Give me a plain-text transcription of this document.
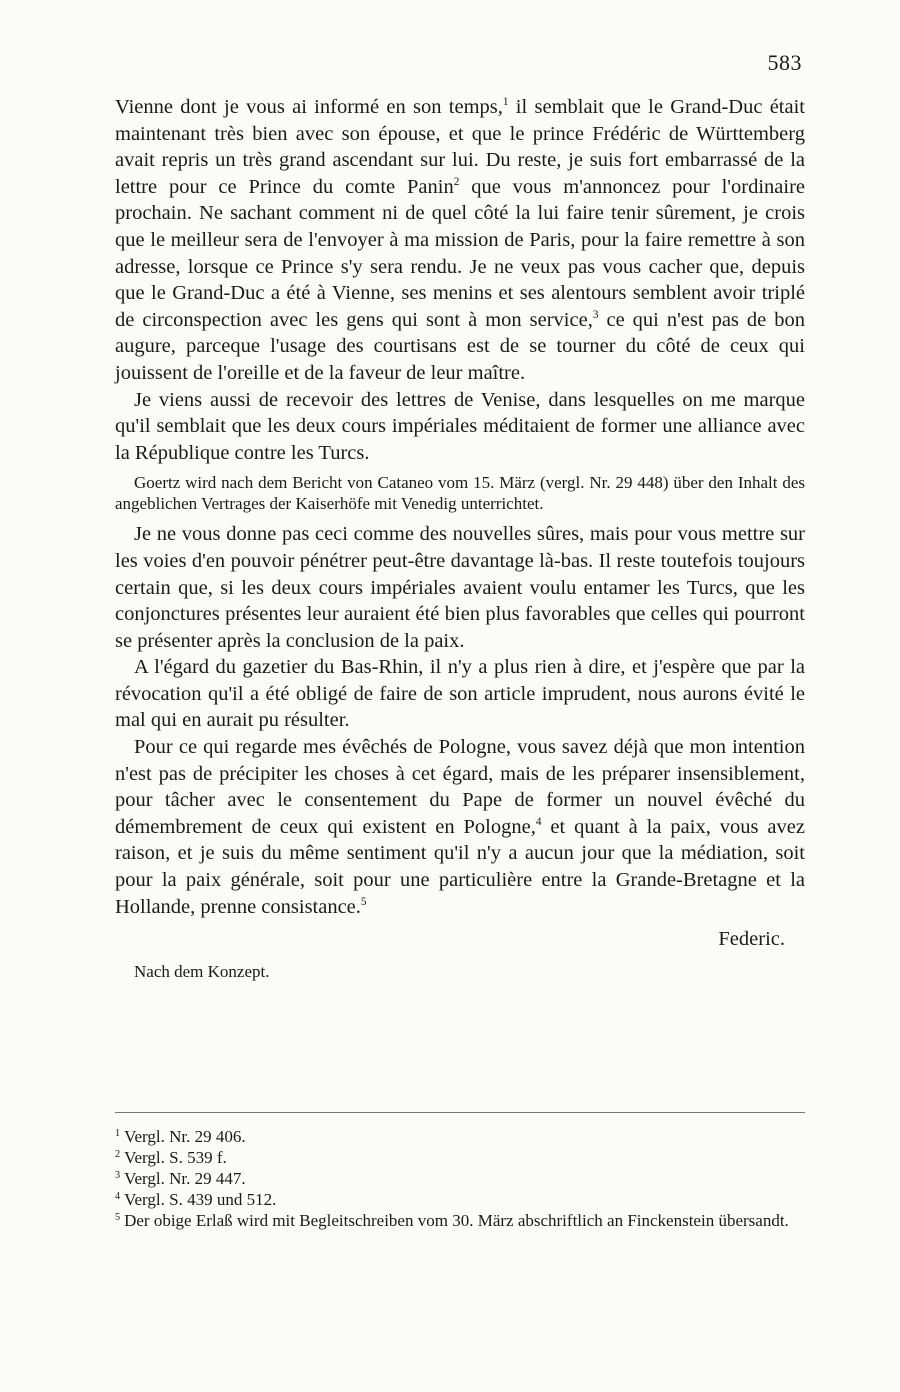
583

Vienne dont je vous ai informé en son temps,$^1$ il semblait que le Grand-Duc était maintenant très bien avec son épouse, et que le prince Frédéric de Württemberg avait repris un très grand ascendant sur lui. Du reste, je suis fort embarrassé de la lettre pour ce Prince du comte Panin$^2$ que vous m'annoncez pour l'ordinaire prochain. Ne sachant comment ni de quel côté la lui faire tenir sûrement, je crois que le meilleur sera de l'envoyer à ma mission de Paris, pour la faire remettre à son adresse, lorsque ce Prince s'y sera rendu. Je ne veux pas vous cacher que, depuis que le Grand-Duc a été à Vienne, ses menins et ses alentours semblent avoir triplé de circonspection avec les gens qui sont à mon service,$^3$ ce qui n'est pas de bon augure, parceque l'usage des courtisans est de se tourner du côté de ceux qui jouissent de l'oreille et de la faveur de leur maître.

Je viens aussi de recevoir des lettres de Venise, dans lesquelles on me marque qu'il semblait que les deux cours impériales méditaient de former une alliance avec la République contre les Turcs.

Goertz wird nach dem Bericht von Cataneo vom 15. März (vergl. Nr. 29 448) über den Inhalt des angeblichen Vertrages der Kaiserhöfe mit Venedig unterrichtet.

Je ne vous donne pas ceci comme des nouvelles sûres, mais pour vous mettre sur les voies d'en pouvoir pénétrer peut-être davantage là-bas. Il reste toutefois toujours certain que, si les deux cours impériales avaient voulu entamer les Turcs, que les conjonctures présentes leur auraient été bien plus favorables que celles qui pourront se présenter après la conclusion de la paix.

A l'égard du gazetier du Bas-Rhin, il n'y a plus rien à dire, et j'espère que par la révocation qu'il a été obligé de faire de son article imprudent, nous aurons évité le mal qui en aurait pu résulter.

Pour ce qui regarde mes évêchés de Pologne, vous savez déjà que mon intention n'est pas de précipiter les choses à cet égard, mais de les préparer insensiblement, pour tâcher avec le consentement du Pape de former un nouvel évêché du démembrement de ceux qui existent en Pologne,$^4$ et quant à la paix, vous avez raison, et je suis du même sentiment qu'il n'y a aucun jour que la médiation, soit pour la paix générale, soit pour une particulière entre la Grande-Bretagne et la Hollande, prenne consistance.$^5$

Federic.

Nach dem Konzept.

$^1$ Vergl. Nr. 29 406.

$^2$ Vergl. S. 539 f.

$^3$ Vergl. Nr. 29 447.

$^4$ Vergl. S. 439 und 512.

$^5$ Der obige Erlaß wird mit Begleitschreiben vom 30. März abschriftlich an Finckenstein übersandt.
